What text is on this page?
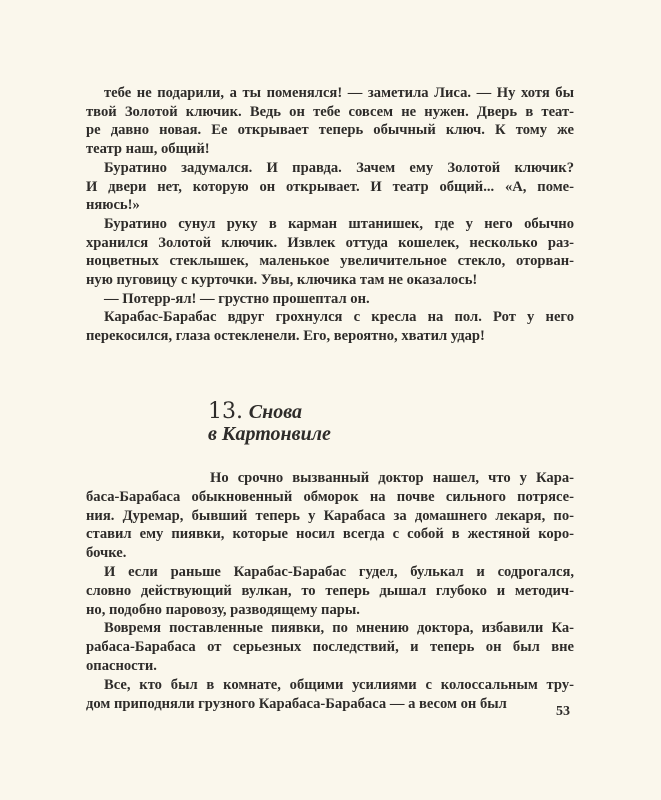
тебе не подарили, а ты поменялся! — заметила Лиса. — Ну хотя бы
твой Золотой ключик. Ведь он тебе совсем не нужен. Дверь в теат-
ре давно новая. Ее открывает теперь обычный ключ. К тому же
театр наш, общий!
Буратино задумался. И правда. Зачем ему Золотой ключик?
И двери нет, которую он открывает. И театр общий... «А, поме-
няюсь!»
Буратино сунул руку в карман штанишек, где у него обычно
хранился Золотой ключик. Извлек оттуда кошелек, несколько раз-
ноцветных стеклышек, маленькое увеличительное стекло, оторван-
ную пуговицу с курточки. Увы, ключика там не оказалось!
— Потерр-ял! — грустно прошептал он.
Карабас-Барабас вдруг грохнулся с кресла на пол. Рот у него
перекосился, глаза остекленели. Его, вероятно, хватил удар!
13. Снова
в Картонвиле
Но срочно вызванный доктор нашел, что у Кара-
баса-Барабаса обыкновенный обморок на почве сильного потрясе-
ния. Дуремар, бывший теперь у Карабаса за домашнего лекаря, по-
ставил ему пиявки, которые носил всегда с собой в жестяной коро-
бочке.
И если раньше Карабас-Барабас гудел, булькал и содрогался,
словно действующий вулкан, то теперь дышал глубоко и методич-
но, подобно паровозу, разводящему пары.
Вовремя поставленные пиявки, по мнению доктора, избавили Ка-
рабаса-Барабаса от серьезных последствий, и теперь он был вне
опасности.
Все, кто был в комнате, общими усилиями с колоссальным тру-
дом приподняли грузного Карабаса-Барабаса — а весом он был	53
